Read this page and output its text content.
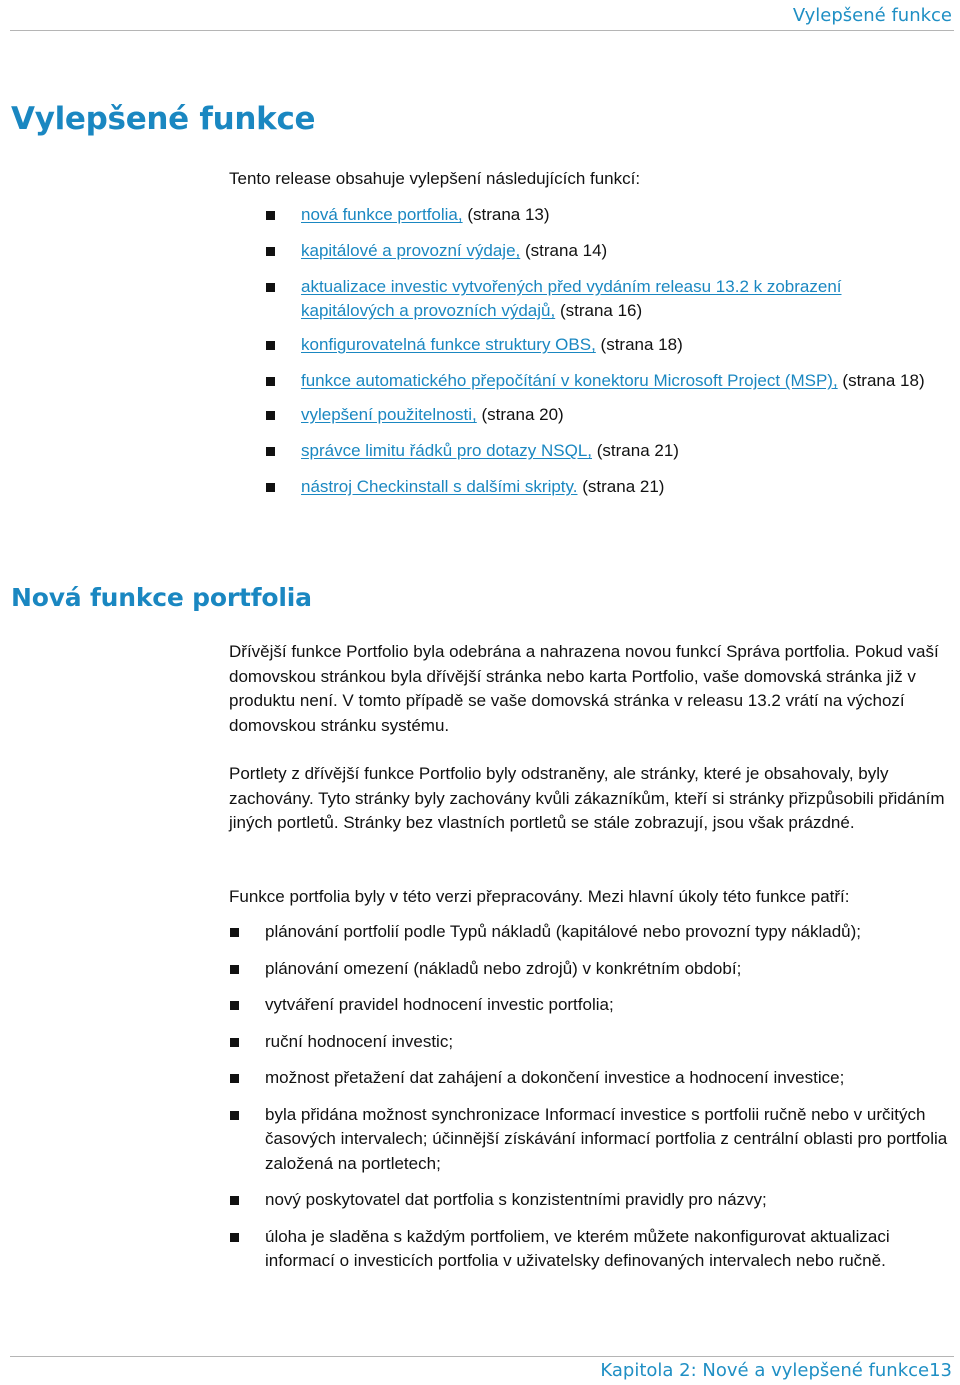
Vylepšené funkce
Vylepšené funkce

Tento release obsahuje vylepšení následujících funkcí:

nová funkce portfolia, (strana 13)
kapitálové a provozní výdaje, (strana 14)
aktualizace investic vytvořených před vydáním releasu 13.2 k zobrazení kapitálových a provozních výdajů, (strana 16)
konfigurovatelná funkce struktury OBS, (strana 18)
funkce automatického přepočítání v konektoru Microsoft Project (MSP), (strana 18)
vylepšení použitelnosti, (strana 20)
správce limitu řádků pro dotazy NSQL, (strana 21)
nástroj Checkinstall s dalšími skripty. (strana 21)
Nová funkce portfolia

Dřívější funkce Portfolio byla odebrána a nahrazena novou funkcí Správa portfolia. Pokud vaší domovskou stránkou byla dřívější stránka nebo karta Portfolio, vaše domovská stránka již v produktu není. V tomto případě se vaše domovská stránka v releasu 13.2 vrátí na výchozí domovskou stránku systému.

Portlety z dřívější funkce Portfolio byly odstraněny, ale stránky, které je obsahovaly, byly zachovány. Tyto stránky byly zachovány kvůli zákazníkům, kteří si stránky přizpůsobili přidáním jiných portletů. Stránky bez vlastních portletů se stále zobrazují, jsou však prázdné.

Funkce portfolia byly v této verzi přepracovány. Mezi hlavní úkoly této funkce patří:

plánování portfolií podle Typů nákladů (kapitálové nebo provozní typy nákladů);
plánování omezení (nákladů nebo zdrojů) v konkrétním období;
vytváření pravidel hodnocení investic portfolia;
ruční hodnocení investic;
možnost přetažení dat zahájení a dokončení investice a hodnocení investice;
byla přidána možnost synchronizace Informací investice s portfolii ručně nebo v určitých časových intervalech; účinnější získávání informací portfolia z centrální oblasti pro portfolia založená na portletech;
nový poskytovatel dat portfolia s konzistentními pravidly pro názvy;
úloha je sladěna s každým portfoliem, ve kterém můžete nakonfigurovat aktualizaci informací o investicích portfolia v uživatelsky definovaných intervalech nebo ručně.
Kapitola 2: Nové a vylepšené funkce13
